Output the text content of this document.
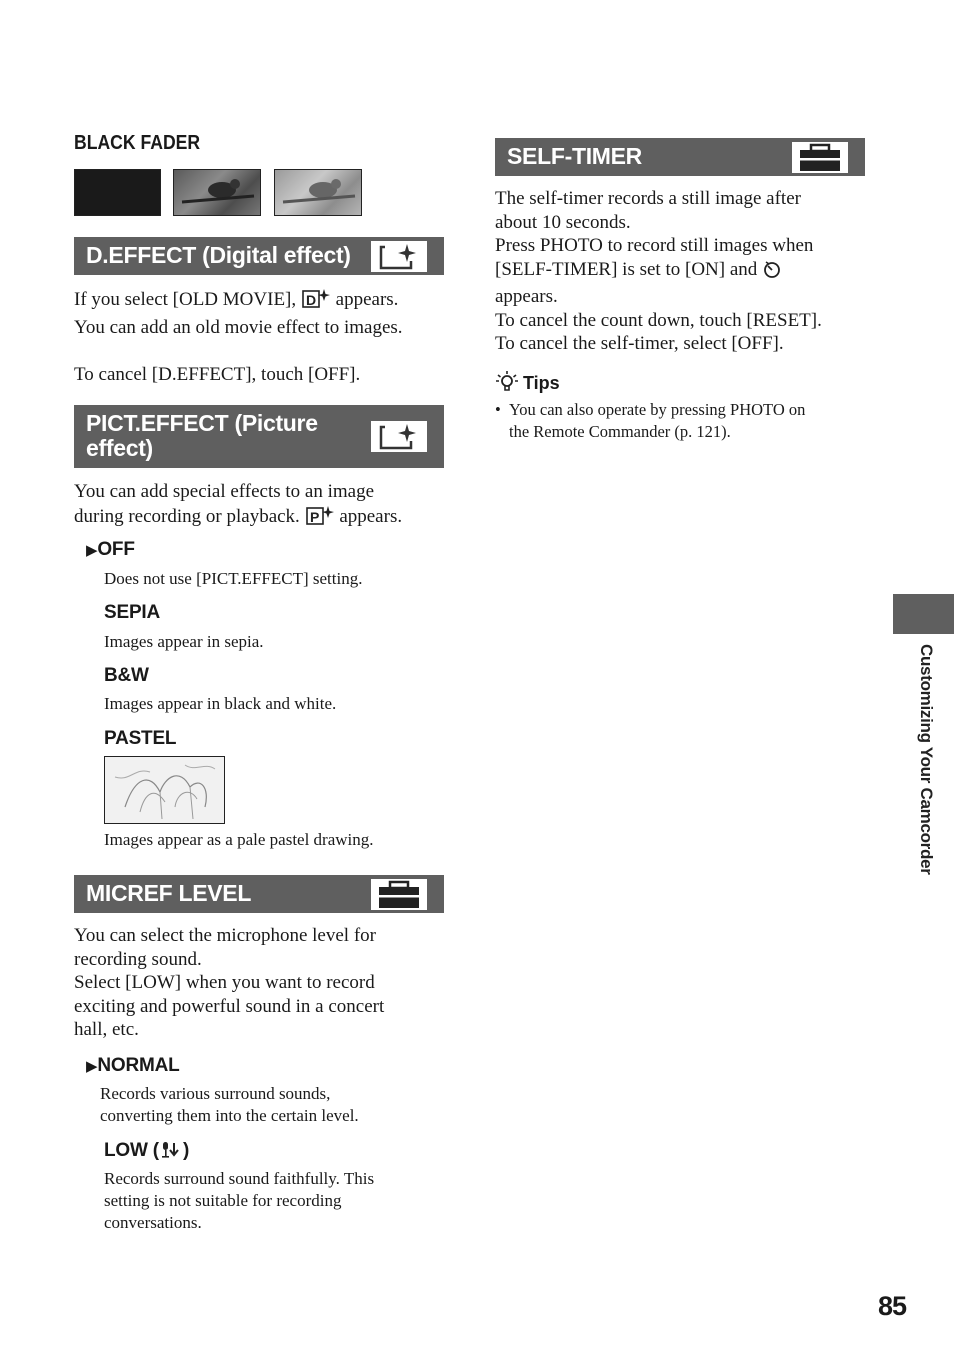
BLACK FADER
D.EFFECT (Digital effect)
If you select [OLD MOVIE], D appears.
You can add an old movie effect to images.
To cancel [D.EFFECT], touch [OFF].
PICT.EFFECT (Picture
effect)
You can add special effects to an image
during recording or playback. P appears.
▶OFF
Does not use [PICT.EFFECT] setting.
SEPIA
Images appear in sepia.
B&W
Images appear in black and white.
PASTEL
Images appear as a pale pastel drawing.
MICREF LEVEL
You can select the microphone level for
recording sound.
Select [LOW] when you want to record
exciting and powerful sound in a concert
hall, etc.
▶NORMAL
Records various surround sounds,
converting them into the certain level.
LOW ( )
Records surround sound faithfully. This
setting is not suitable for recording
conversations.
SELF-TIMER
The self-timer records a still image after
about 10 seconds.
Press PHOTO to record still images when
[SELF-TIMER] is set to [ON] and
appears.
To cancel the count down, touch [RESET].
To cancel the self-timer, select [OFF].
Tips
• You can also operate by pressing PHOTO on
the Remote Commander (p. 121).
Customizing Your Camcorder
85
